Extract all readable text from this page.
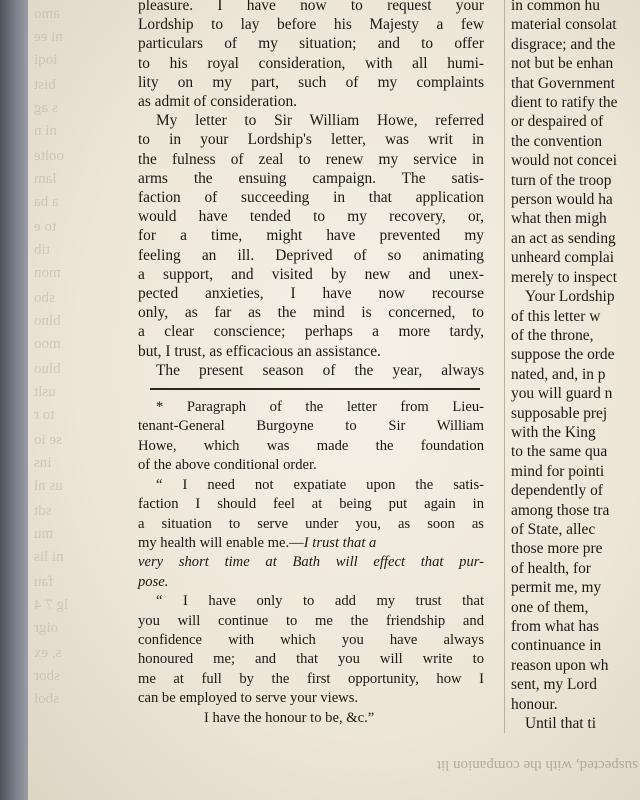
amo
ni ee
ioqi
bist
s ag
ni n
oolte
lam
a ba
to e
tib
mon
sbo
blno
moo
bluo
uslt
to r
se io
ins
us nl
sdt
mu
ni lis
fau
lg 7 4
oigr
s, ex
sbor
sbol
pleasure. I have now to request your
Lordship to lay before his Majesty a few
particulars of my situation; and to offer
to his royal consideration, with all humi-
lity on my part, such of my complaints
as admit of consideration.
My letter to Sir William Howe, referred
to in your Lordship's letter, was writ in
the fulness of zeal to renew my service in
arms the ensuing campaign. The satis-
faction of succeeding in that application
would have tended to my recovery, or,
for a time, might have prevented my
feeling an ill. Deprived of so animating
a support, and visited by new and unex-
pected anxieties, I have now recourse
only, as far as the mind is concerned, to
a clear conscience; perhaps a more tardy,
but, I trust, as efficacious an assistance.
The present season of the year, always
* Paragraph of the letter from Lieu-
tenant-General Burgoyne to Sir William
Howe, which was made the foundation
of the above conditional order.
“ I need not expatiate upon the satis-
faction I should feel at being put again in
a situation to serve under you, as soon as
my health will enable me.—I trust that a
very short time at Bath will effect that pur-
pose.
“ I have only to add my trust that
you will continue to me the friendship and
confidence with which you have always
honoured me; and that you will write to
me at full by the first opportunity, how I
can be employed to serve your views.
I have the honour to be, &c.”
in common hu
material consolat
disgrace; and the
not but be enhan
that Government
dient to ratify the
or despaired of
the convention
would not concei
turn of the troop
person would ha
what then migh
an act as sending
unheard complai
merely to inspect
Your Lordship
of this letter w
of the throne,
suppose the orde
nated, and, in p
you will guard n
supposable prej
with the King
to the same qua
mind for pointi
dependently of
among those tra
of State, allec
those more pre
of health, for
permit me, my
one of them,
from what has
continuance in
reason upon wh
sent, my Lord
honour.
Until that ti
suspected, with the companion lit
